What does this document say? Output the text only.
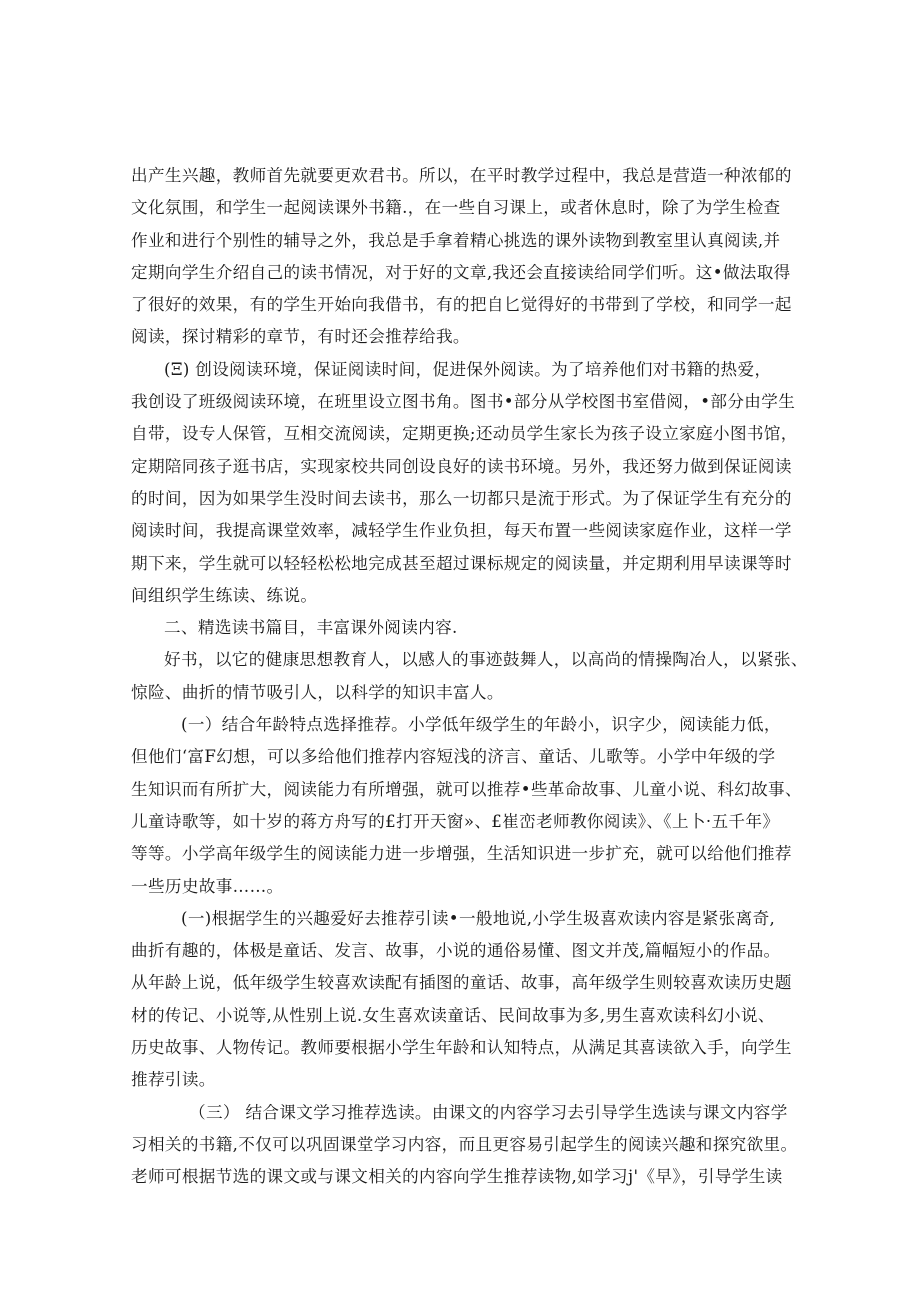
出产生兴趣，教师首先就要更欢君书。所以，在平时教学过程中，我总是营造一种浓郁的
文化氛围，和学生一起阅读课外书籍.，在一些自习课上，或者休息时，除了为学生检查
作业和进行个别性的辅导之外，我总是手拿着精心挑选的课外读物到教室里认真阅读,并
定期向学生介绍自己的读书情况，对于好的文章,我还会直接读给同学们听。这•做法取得
了很好的效果，有的学生开始向我借书，有的把自匕觉得好的书带到了学校，和同学一起
阅读，探讨精彩的章节，有时还会推荐给我。
(Ξ) 创设阅读环境，保证阅读时间，促进保外阅读。为了培养他们对书籍的热爱，
我创设了班级阅读环境，在班里设立图书角。图书•部分从学校图书室借阅，•部分由学生
自带，设专人保管，互相交流阅读，定期更换;还动员学生家长为孩子设立家庭小图书馆，
定期陪同孩子逛书店，实现家校共同创设良好的读书环境。另外，我还努力做到保证阅读
的时间，因为如果学生没时间去读书，那么一切都只是流于形式。为了保证学生有充分的
阅读时间，我提高课堂效率，减轻学生作业负担，每天布置一些阅读家庭作业，这样一学
期下来，学生就可以轻轻松松地完成甚至超过课标规定的阅读量，并定期利用早读课等时
间组织学生练读、练说。
二、精选读书篇目，丰富课外阅读内容.
好书，以它的健康思想教育人，以感人的事迹鼓舞人，以高尚的情操陶冶人，以紧张、
惊险、曲折的情节吸引人，以科学的知识丰富人。
(一）结合年龄特点选择推荐。小学低年级学生的年龄小，识字少，阅读能力低，
但他们‘富F幻想，可以多给他们推荐内容短浅的济言、童话、儿歌等。小学中年级的学
生知识而有所扩大，阅读能力有所增强，就可以推荐•些革命故事、儿童小说、科幻故事、
儿童诗歌等，如十岁的蒋方舟写的£打开天窗»、£崔峦老师教你阅读》、《上卜·五千年》
等等。小学高年级学生的阅读能力进一步增强，生活知识进一步扩充，就可以给他们推荐
一些历史故事……。
(一)根据学生的兴趣爱好去推荐引读•一般地说,小学生圾喜欢读内容是紧张离奇,
曲折有趣的，体极是童话、发言、故事，小说的通俗易懂、图文并茂,篇幅短小的作品。
从年龄上说，低年级学生较喜欢读配有插图的童话、故事，高年级学生则较喜欢读历史题
材的传记、小说等,从性别上说.女生喜欢读童话、民间故事为多,男生喜欢读科幻小说、
历史故事、人物传记。教师要根据小学生年龄和认知特点，从满足其喜读欲入手，向学生
推荐引读。
（三） 结合课文学习推荐选读。由课文的内容学习去引导学生选读与课文内容学
习相关的书籍,不仅可以巩固课堂学习内容，而且更容易引起学生的阅读兴趣和探究欲里。
老师可根据节选的课文或与课文相关的内容向学生推荐读物,如学习j'《早》，引导学生读
